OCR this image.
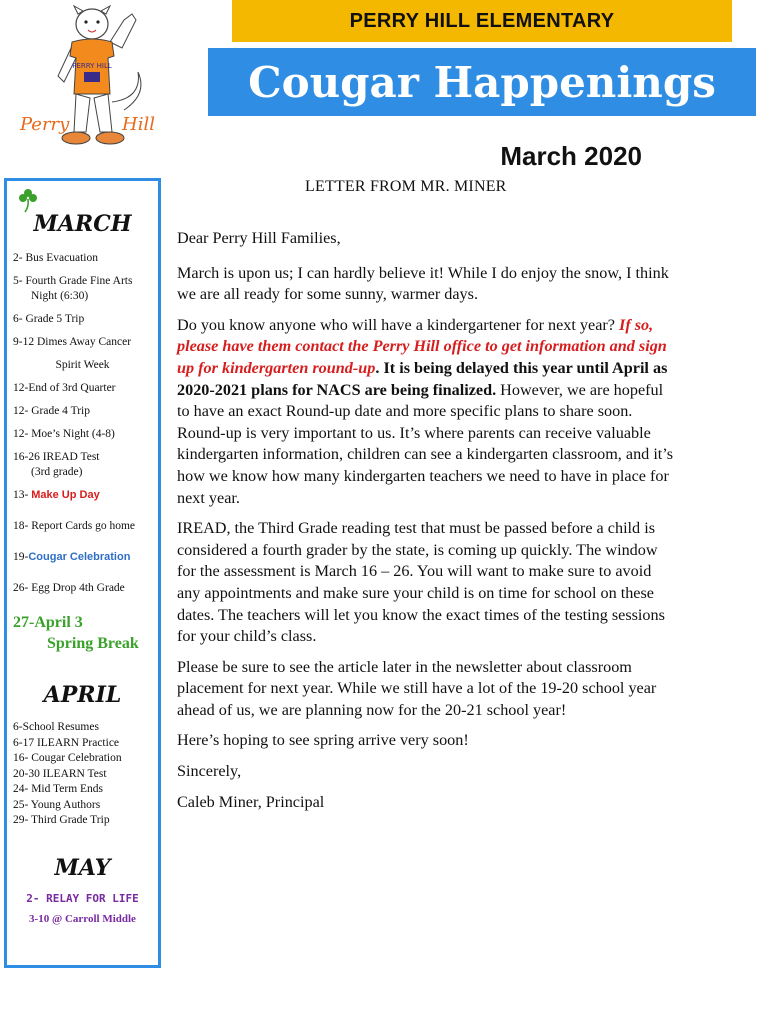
PERRY HILL
Perry	Hill
PERRY HILL ELEMENTARY
Cougar Happenings
March 2020
LETTER FROM MR. MINER
MARCH

2- Bus Evacuation

5- Fourth Grade Fine Arts

Night (6:30)

6- Grade 5 Trip

9-12 Dimes Away Cancer

Spirit Week

12-End of 3rd Quarter

12- Grade 4 Trip

12- Moe’s Night (4-8)

16-26 IREAD Test

(3rd grade)

13- Make Up Day

18- Report Cards go home

19-Cougar Celebration

26- Egg Drop 4th Grade

27-April 3

Spring Break

APRIL

6-School Resumes

6-17 ILEARN Practice

16- Cougar Celebration

20-30 ILEARN Test

24- Mid Term Ends

25- Young Authors

29- Third Grade Trip

MAY

2- RELAY FOR LIFE

3-10 @ Carroll Middle

Dear Perry Hill Families,

March is upon us; I can hardly believe it! While I do enjoy the snow, I think we are all ready for some sunny, warmer days.

Do you know anyone who will have a kindergartener for next year? If so, please have them contact the Perry Hill office to get information and sign up for kindergarten round-up. It is being delayed this year until April as 2020-2021 plans for NACS are being finalized. However, we are hopeful to have an exact Round-up date and more specific plans to share soon. Round-up is very important to us. It’s where parents can receive valuable kindergarten information, children can see a kindergarten classroom, and it’s how we know how many kindergarten teachers we need to have in place for next year.

IREAD, the Third Grade reading test that must be passed before a child is considered a fourth grader by the state, is coming up quickly. The window for the assessment is March 16 – 26. You will want to make sure to avoid any appointments and make sure your child is on time for school on these dates. The teachers will let you know the exact times of the testing sessions for your child’s class.

Please be sure to see the article later in the newsletter about classroom placement for next year. While we still have a lot of the 19-20 school year ahead of us, we are planning now for the 20-21 school year!

Here’s hoping to see spring arrive very soon!

Sincerely,

Caleb Miner, Principal
